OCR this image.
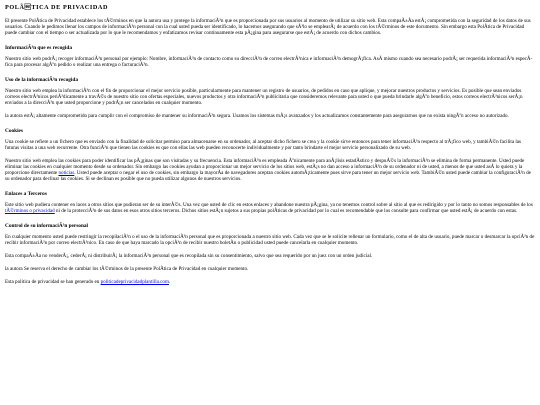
POLÃTICA DE PRIVACIDAD

El presente PolÃtica de Privacidad establece los tÃ©rminos en que la autora usa y protege la informaciÃ³n que es proporcionada por sus usuarios al momento de utilizar su sitio web. Esta compaÃ±Ãa estÃ¡ comprometida con la seguridad de los datos de sus usuarios. Cuando le pedimos llenar los campos de informaciÃ³n personal con la cual usted pueda ser identificado, lo hacemos asegurando que sÃ³lo se emplearÃ¡ de acuerdo con los tÃ©rminos de este documento. Sin embargo esta PolÃtica de Privacidad puede cambiar con el tiempo o ser actualizada por lo que le recomendamos y enfatizamos revisar continuamente esta pÃ¡gina para asegurarse que estÃ¡ de acuerdo con dichos cambios.

InformaciÃ³n que es recogida

Nuestro sitio web podrÃ¡ recoger informaciÃ³n personal por ejemplo: Nombre, informaciÃ³n de contacto como su direcciÃ³n de correo electrÃ³nica e informaciÃ³n demogrÃ¡fica. AsÃ mismo cuando sea necesario podrÃ¡ ser requerida informaciÃ³n especÃfica para procesar algÃºn pedido o realizar una entrega o facturaciÃ³n.

Uso de la informaciÃ³n recogida

Nuestro sitio web emplea la informaciÃ³n con el fin de proporcionar el mejor servicio posible, particularmente para mantener un registro de usuarios, de pedidos en caso que aplique, y mejorar nuestros productos y servicios. Es posible que sean enviados correos electrÃ³nicos periÃ³dicamente a travÃ©s de nuestro sitio con ofertas especiales, nuevos productos y otra informaciÃ³n publicitaria que consideremos relevante para usted o que pueda brindarle algÃºn beneficio, estos correos electrÃ³nicos serÃ¡n enviados a la direcciÃ³n que usted proporcione y podrÃ¡n ser cancelados en cualquier momento.

la autora estÃ¡ altamente comprometido para cumplir con el compromiso de mantener su informaciÃ³n segura. Usamos los sistemas mÃ¡s avanzados y los actualizamos constantemente para asegurarnos que no exista ningÃºn acceso no autorizado.

Cookies

Una cookie se refiere a un fichero que es enviado con la finalidad de solicitar permiso para almacenarse en su ordenador, al aceptar dicho fichero se crea y la cookie sirve entonces para tener informaciÃ³n respecto al trÃ¡fico web, y tambiÃ©n facilita las futuras visitas a una web recurrente. Otra funciÃ³n que tienen las cookies es que con ellas las web pueden reconocerte individualmente y por tanto brindarte el mejor servicio personalizado de su web.

Nuestro sitio web emplea las cookies para poder identificar las pÃ¡ginas que son visitadas y su frecuencia. Esta informaciÃ³n es empleada Ãºnicamente para anÃ¡lisis estadÃstico y despuÃ©s la informaciÃ³n se elimina de forma permanente. Usted puede eliminar las cookies en cualquier momento desde su ordenador. Sin embargo las cookies ayudan a proporcionar un mejor servicio de los sitios web, estÃ¡s no dan acceso a informaciÃ³n de su ordenador ni de usted, a menos de que usted asÃ lo quiera y la proporcione directamente noticias. Usted puede aceptar o negar el uso de cookies, sin embargo la mayorÃa de navegadores aceptan cookies automÃ¡ticamente pues sirve para tener un mejor servicio web. TambiÃ©n usted puede cambiar la configuraciÃ³n de su ordenador para declinar las cookies. Si se declinan es posible que no pueda utilizar algunos de nuestros servicios.

Enlaces a Terceros

Este sitio web pudiera contener en laces a otros sitios que pudieran ser de su interÃ©s. Una vez que usted de clic en estos enlaces y abandone nuestra pÃ¡gina, ya no tenemos control sobre al sitio al que es redirigido y por lo tanto no somos responsables de los tÃ©rminos o privacidad ni de la protecciÃ³n de sus datos en esos otros sitios terceros. Dichos sitios estÃ¡n sujetos a sus propias polÃticas de privacidad por lo cual es recomendable que los consulte para confirmar que usted estÃ¡ de acuerdo con estas.

Control de su informaciÃ³n personal

En cualquier momento usted puede restringir la recopilaciÃ³n o el uso de la informaciÃ³n personal que es proporcionada a nuestro sitio web. Cada vez que se le solicite rellenar un formulario, como el de alta de usuario, puede marcar o desmarcar la opciÃ³n de recibir informaciÃ³n por correo electrÃ³nico. En caso de que haya marcado la opciÃ³n de recibir nuestro boletÃn o publicidad usted puede cancelarla en cualquier momento.

Esta compaÃ±Ãa no venderÃ¡, cederÃ¡ ni distribuirÃ¡ la informaciÃ³n personal que es recopilada sin su consentimiento, salvo que sea requerido por un juez con un orden judicial.

la autora Se reserva el derecho de cambiar los tÃ©rminos de la presente PolÃtica de Privacidad en cualquier momento.

Esta politica de privacidad se han generado en politicadeprivacidadplantilla.com.
